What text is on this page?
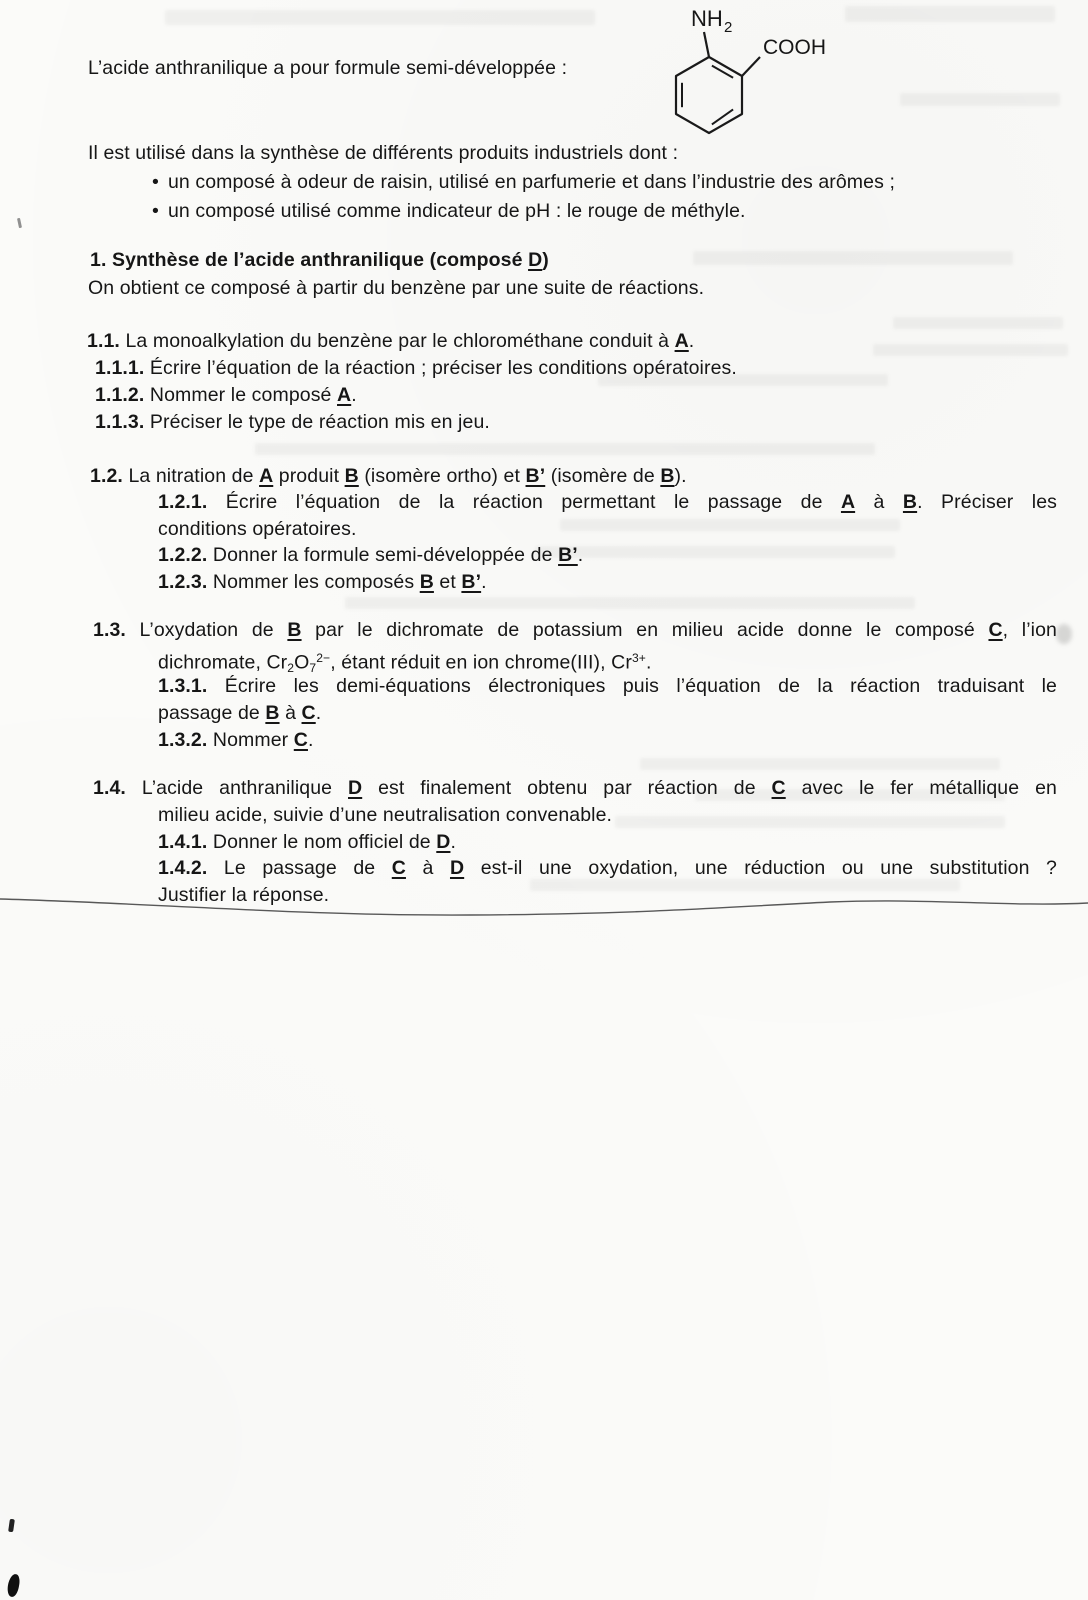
L’acide anthranilique a pour formule semi-développée :
NH 2
COOH
Il est utilisé dans la synthèse de différents produits industriels dont :
• un composé à odeur de raisin, utilisé en parfumerie et dans l’industrie des arômes ;
• un composé utilisé comme indicateur de pH : le rouge de méthyle.
1. Synthèse de l’acide anthranilique (composé D)
On obtient ce composé à partir du benzène par une suite de réactions.
1.1. La monoalkylation du benzène par le chlorométhane conduit à A.
1.1.1. Écrire l’équation de la réaction ; préciser les conditions opératoires.
1.1.2. Nommer le composé A.
1.1.3. Préciser le type de réaction mis en jeu.
1.2. La nitration de A produit B (isomère ortho) et B’ (isomère de B).
1.2.1. Écrire l’équation de la réaction permettant le passage de A à B. Préciser les
conditions opératoires.
1.2.2. Donner la formule semi-développée de B’.
1.2.3. Nommer les composés B et B’.
1.3. L’oxydation de B par le dichromate de potassium en milieu acide donne le composé C, l’ion
dichromate, $Cr_2O_7^{2-}$, étant réduit en ion chrome(III), $Cr^{3+}$.
1.3.1. Écrire les demi-équations électroniques puis l’équation de la réaction traduisant le
passage de B à C.
1.3.2. Nommer C.
1.4. L’acide anthranilique D est finalement obtenu par réaction de C avec le fer métallique en
milieu acide, suivie d’une neutralisation convenable.
1.4.1. Donner le nom officiel de D.
1.4.2. Le passage de C à D est-il une oxydation, une réduction ou une substitution ?
Justifier la réponse.
